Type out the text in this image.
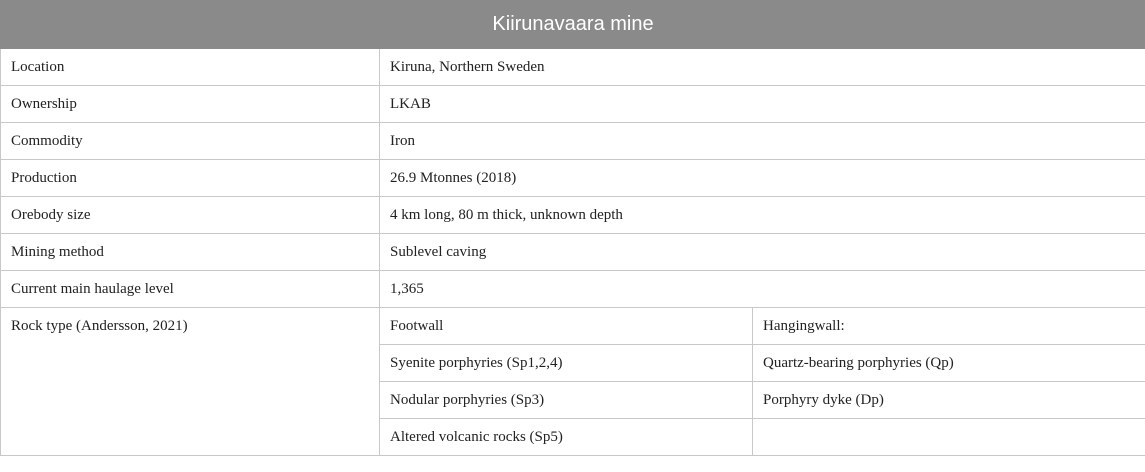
Kiirunavaara mine		
Location	Kiruna, Northern Sweden	
Ownership	LKAB	
Commodity	Iron	
Production	26.9 Mtonnes (2018)	
Orebody size	4 km long, 80 m thick, unknown depth	
Mining method	Sublevel caving	
Current main haulage level	1,365	
Rock type (Andersson, 2021)	Footwall	Hangingwall:
	Syenite porphyries (Sp1,2,4)	Quartz-bearing porphyries (Qp)
	Nodular porphyries (Sp3)	Porphyry dyke (Dp)
	Altered volcanic rocks (Sp5)	
